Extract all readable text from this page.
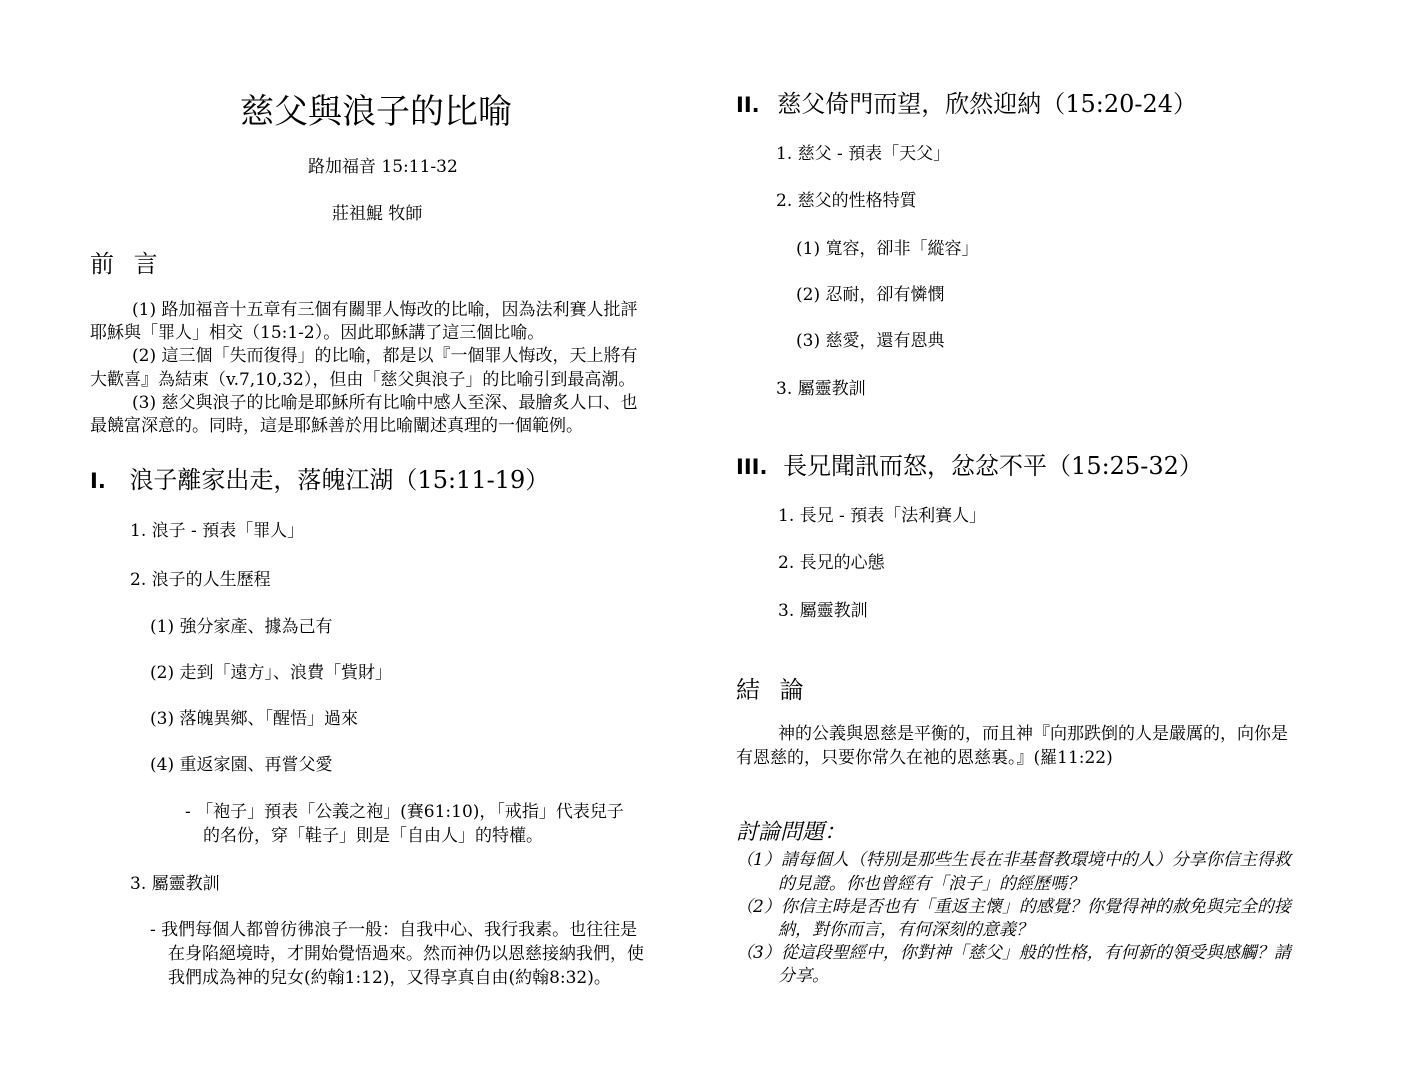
慈父與浪子的比喻
路加福音 15:11-32
莊祖鯤 牧師
前 言
(1) 路加福音十五章有三個有關罪人悔改的比喻，因為法利賽人批評
耶穌與「罪人」相交（15:1-2）。因此耶穌講了這三個比喻。
(2) 這三個「失而復得」的比喻，都是以『一個罪人悔改，天上將有
大歡喜』為結束（v.7,10,32），但由「慈父與浪子」的比喻引到最高潮。
(3) 慈父與浪子的比喻是耶穌所有比喻中感人至深、最膾炙人口、也
最饒富深意的。同時，這是耶穌善於用比喻闡述真理的一個範例。
I. 浪子離家出走，落魄江湖（15:11-19）
1. 浪子 - 預表「罪人」
2. 浪子的人生歷程
(1) 強分家產、據為己有
(2) 走到「遠方」、浪費「貲財」
(3) 落魄異鄉、「醒悟」過來
(4) 重返家園、再嘗父愛
- 「袍子」預表「公義之袍」(賽61:10)，「戒指」代表兒子
的名份，穿「鞋子」則是「自由人」的特權。
3. 屬靈教訓
- 我們每個人都曾彷彿浪子一般：自我中心、我行我素。也往往是
在身陷絕境時，才開始覺悟過來。然而神仍以恩慈接納我們，使
我們成為神的兒女(約翰1:12)，又得享真自由(約翰8:32)。
II. 慈父倚門而望，欣然迎納（15:20-24）
1. 慈父 - 預表「天父」
2. 慈父的性格特質
(1) 寬容，卻非「縱容」
(2) 忍耐，卻有憐憫
(3) 慈愛，還有恩典
3. 屬靈教訓
III. 長兄聞訊而怒，忿忿不平（15:25-32）
1. 長兄 - 預表「法利賽人」
2. 長兄的心態
3. 屬靈教訓
結 論
神的公義與恩慈是平衡的，而且神『向那跌倒的人是嚴厲的，向你是
有恩慈的，只要你常久在祂的恩慈裏。』(羅11:22)
討論問題：
（1）請每個人（特別是那些生長在非基督教環境中的人）分享你信主得救
的見證。你也曾經有「浪子」的經歷嗎？
（2）你信主時是否也有「重返主懷」的感覺？你覺得神的赦免與完全的接
納，對你而言，有何深刻的意義？
（3）從這段聖經中，你對神「慈父」般的性格，有何新的領受與感觸？請
分享。
